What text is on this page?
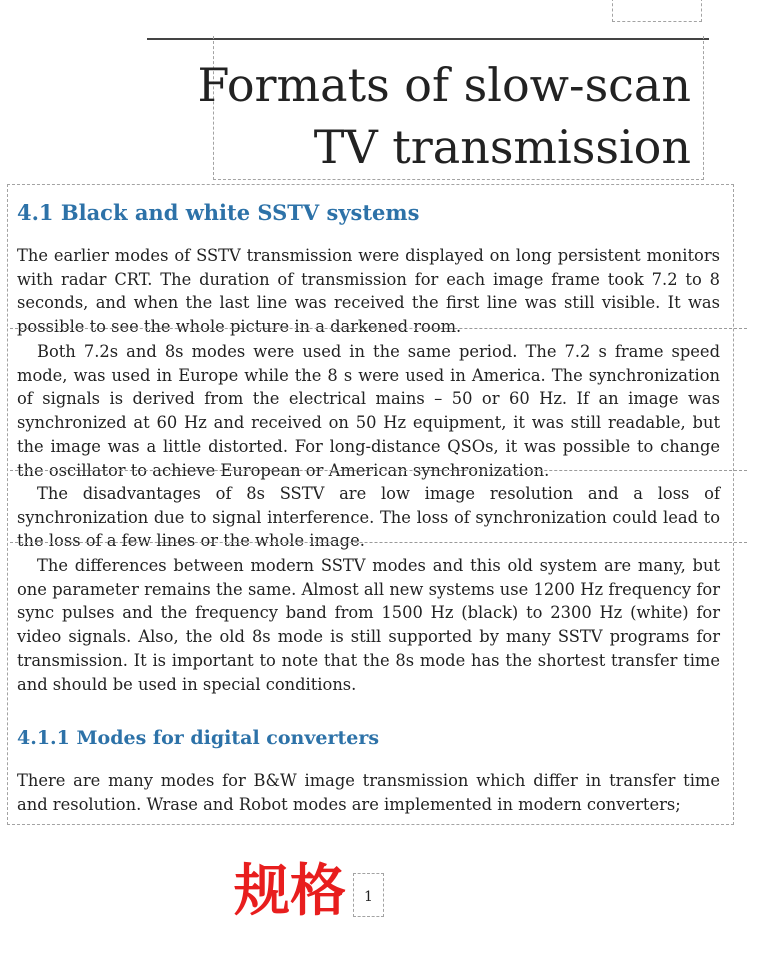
Formats of slow-scan
TV transmission
4.1 Black and white SSTV systems

The earlier modes of SSTV transmission were displayed on long persistent monitors with radar CRT. The duration of transmission for each image frame took 7.2 to 8 seconds, and when the last line was received the first line was still visible. It was possible to see the whole picture in a darkened room.

Both 7.2s and 8s modes were used in the same period. The 7.2 s frame speed mode, was used in Europe while the 8 s were used in America. The synchronization of signals is derived from the electrical mains – 50 or 60 Hz. If an image was synchronized at 60 Hz and received on 50 Hz equipment, it was still readable, but the image was a little distorted. For long-distance QSOs, it was possible to change the oscillator to achieve European or American synchronization.

The disadvantages of 8s SSTV are low image resolution and a loss of synchronization due to signal interference. The loss of synchronization could lead to the loss of a few lines or the whole image.

The differences between modern SSTV modes and this old system are many, but one parameter remains the same. Almost all new systems use 1200 Hz frequency for sync pulses and the frequency band from 1500 Hz (black) to 2300 Hz (white) for video signals. Also, the old 8s mode is still supported by many SSTV programs for transmission. It is important to note that the 8s mode has the shortest transfer time and should be used in special conditions.

4.1.1 Modes for digital converters

There are many modes for B&W image transmission which differ in transfer time and resolution. Wrase and Robot modes are implemented in modern converters;

规格	1
